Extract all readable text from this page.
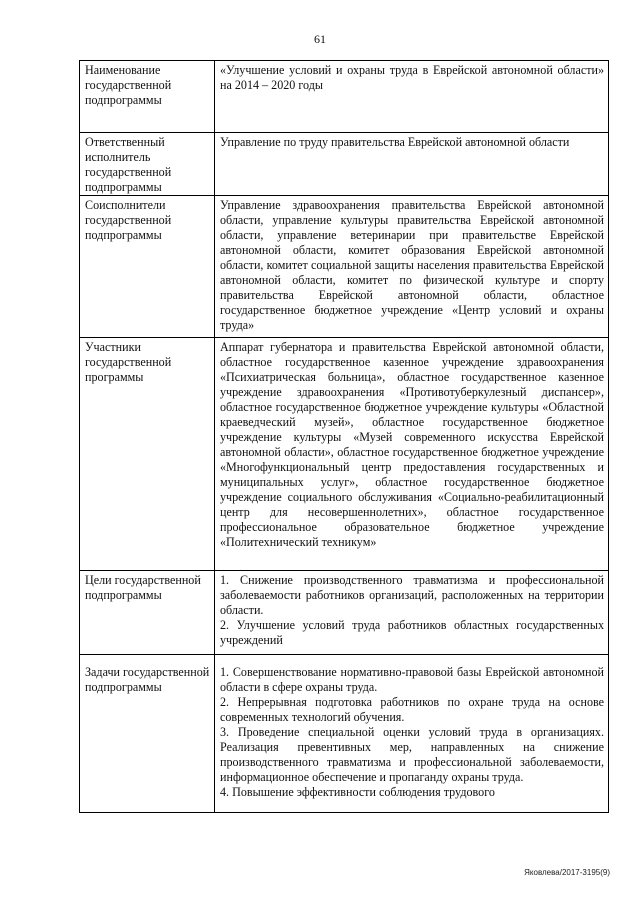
61
Наименование государственной подпрограммы	«Улучшение условий и охраны труда в Еврейской автономной области» на 2014 – 2020 годы
Ответственный исполнитель государственной подпрограммы	Управление по труду правительства Еврейской автономной области
Соисполнители государственной подпрограммы	Управление здравоохранения правительства Еврейской автономной области, управление культуры правительства Еврейской автономной области, управление ветеринарии при правительстве Еврейской автономной области, комитет образования Еврейской автономной области, комитет социальной защиты населения правительства Еврейской автономной области, комитет по физической культуре и спорту правительства Еврейской автономной области, областное государственное бюджетное учреждение «Центр условий и охраны труда»
Участники государственной программы	Аппарат губернатора и правительства Еврейской автономной области, областное государственное казенное учреждение здравоохранения «Психиатрическая больница», областное государственное казенное учреждение здравоохранения «Противотуберкулезный диспансер», областное государственное бюджетное учреждение культуры «Областной краеведческий музей», областное государственное бюджетное учреждение культуры «Музей современного искусства Еврейской автономной области», областное государственное бюджетное учреждение «Многофункциональный центр предоставления государственных и муниципальных услуг», областное государственное бюджетное учреждение социального обслуживания «Социально-реабилитационный центр для несовершеннолетних», областное государственное профессиональное образовательное бюджетное учреждение «Политехнический техникум»
Цели государственной подпрограммы	1. Снижение производственного травматизма и профессиональной заболеваемости работников организаций, расположенных на территории области.
2. Улучшение условий труда работников областных государственных учреждений
Задачи государственной подпрограммы	1. Совершенствование нормативно-правовой базы Еврейской автономной области в сфере охраны труда.
2. Непрерывная подготовка работников по охране труда на основе современных технологий обучения.
3. Проведение специальной оценки условий труда в организациях. Реализация превентивных мер, направленных на снижение производственного травматизма и профессиональной заболеваемости, информационное обеспечение и пропаганду охраны труда.
4. Повышение эффективности соблюдения трудового
Яковлева/2017-3195(9)
